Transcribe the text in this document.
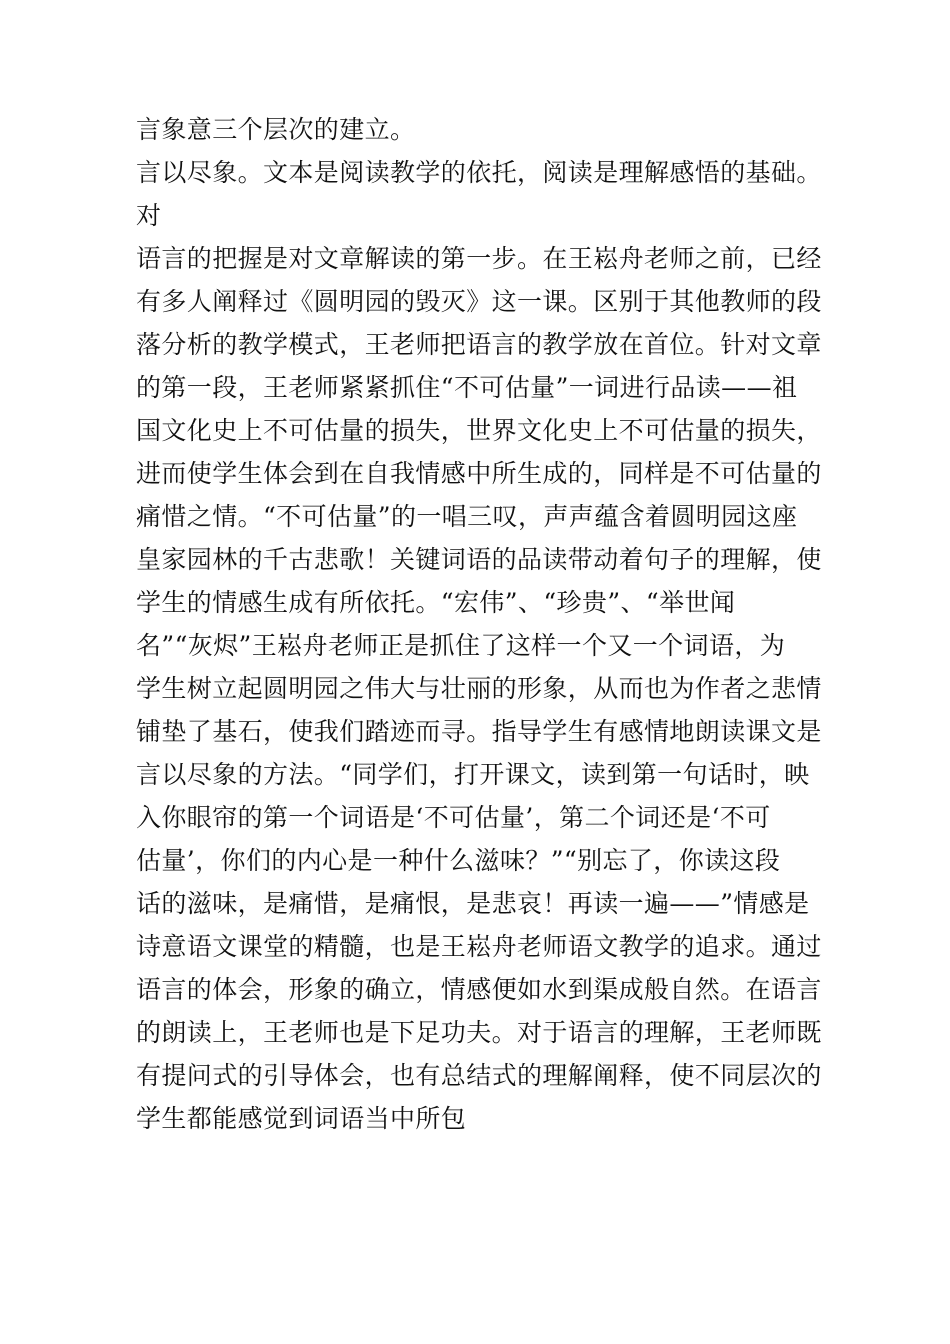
言象意三个层次的建立。
言以尽象。文本是阅读教学的依托，阅读是理解感悟的基础。
对
语言的把握是对文章解读的第一步。在王崧舟老师之前，已经
有多人阐释过《圆明园的毁灭》这一课。区别于其他教师的段
落分析的教学模式，王老师把语言的教学放在首位。针对文章
的第一段，王老师紧紧抓住“不可估量”一词进行品读——祖
国文化史上不可估量的损失，世界文化史上不可估量的损失，
进而使学生体会到在自我情感中所生成的，同样是不可估量的
痛惜之情。“不可估量”的一唱三叹，声声蕴含着圆明园这座
皇家园林的千古悲歌！关键词语的品读带动着句子的理解，使
学生的情感生成有所依托。“宏伟”、“珍贵”、“举世闻
名”“灰烬”王崧舟老师正是抓住了这样一个又一个词语，为
学生树立起圆明园之伟大与壮丽的形象，从而也为作者之悲情
铺垫了基石，使我们踏迹而寻。指导学生有感情地朗读课文是
言以尽象的方法。“同学们，打开课文，读到第一句话时，映
入你眼帘的第一个词语是‘不可估量’，第二个词还是‘不可
估量’，你们的内心是一种什么滋味？”“别忘了，你读这段
话的滋味，是痛惜，是痛恨，是悲哀！再读一遍——”情感是
诗意语文课堂的精髓，也是王崧舟老师语文教学的追求。通过
语言的体会，形象的确立，情感便如水到渠成般自然。在语言
的朗读上，王老师也是下足功夫。对于语言的理解，王老师既
有提问式的引导体会，也有总结式的理解阐释，使不同层次的
学生都能感觉到词语当中所包
